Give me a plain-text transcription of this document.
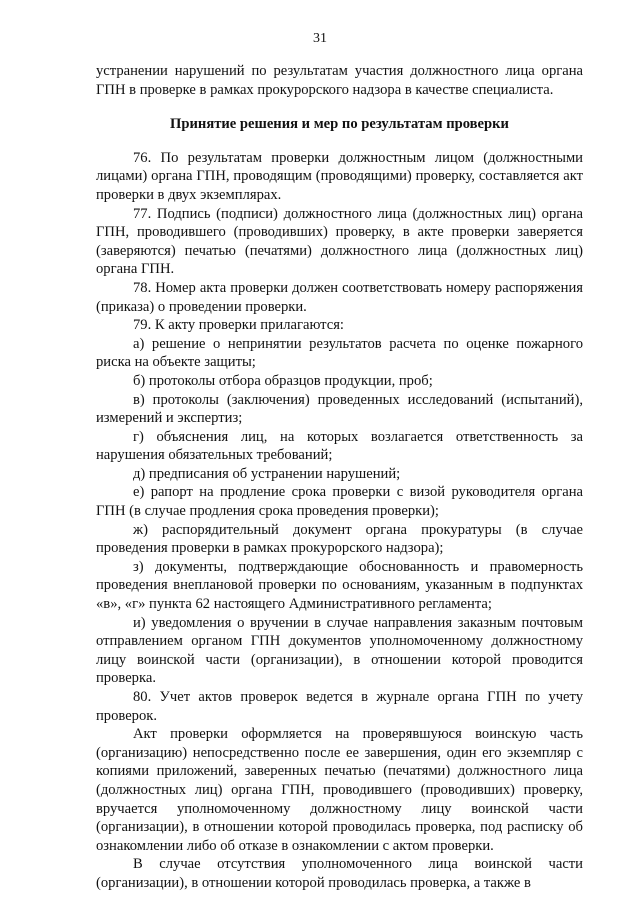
31

устранении нарушений по результатам участия должностного лица органа ГПН в проверке в рамках прокурорского надзора в качестве специалиста.

Принятие решения и мер по результатам проверки

76. По результатам проверки должностным лицом (должностными лицами) органа ГПН, проводящим (проводящими) проверку, составляется акт проверки в двух экземплярах.

77. Подпись (подписи) должностного лица (должностных лиц) органа ГПН, проводившего (проводивших) проверку, в акте проверки заверяется (заверяются) печатью (печатями) должностного лица (должностных лиц) органа ГПН.

78. Номер акта проверки должен соответствовать номеру распоряжения (приказа) о проведении проверки.

79. К акту проверки прилагаются:

а) решение о непринятии результатов расчета по оценке пожарного риска на объекте защиты;

б) протоколы отбора образцов продукции, проб;

в) протоколы (заключения) проведенных исследований (испытаний), измерений и экспертиз;

г) объяснения лиц, на которых возлагается ответственность за нарушения обязательных требований;

д) предписания об устранении нарушений;

е) рапорт на продление срока проверки с визой руководителя органа ГПН (в случае продления срока проведения проверки);

ж) распорядительный документ органа прокуратуры (в случае проведения проверки в рамках прокурорского надзора);

з) документы, подтверждающие обоснованность и правомерность проведения внеплановой проверки по основаниям, указанным в подпунктах «в», «г» пункта 62 настоящего Административного регламента;

и) уведомления о вручении в случае направления заказным почтовым отправлением органом ГПН документов уполномоченному должностному лицу воинской части (организации), в отношении которой проводится проверка.

80. Учет актов проверок ведется в журнале органа ГПН по учету проверок.

Акт проверки оформляется на проверявшуюся воинскую часть (организацию) непосредственно после ее завершения, один его экземпляр с копиями приложений, заверенных печатью (печатями) должностного лица (должностных лиц) органа ГПН, проводившего (проводивших) проверку, вручается уполномоченному должностному лицу воинской части (организации), в отношении которой проводилась проверка, под расписку об ознакомлении либо об отказе в ознакомлении с актом проверки.

В случае отсутствия уполномоченного лица воинской части (организации), в отношении которой проводилась проверка, а также в
